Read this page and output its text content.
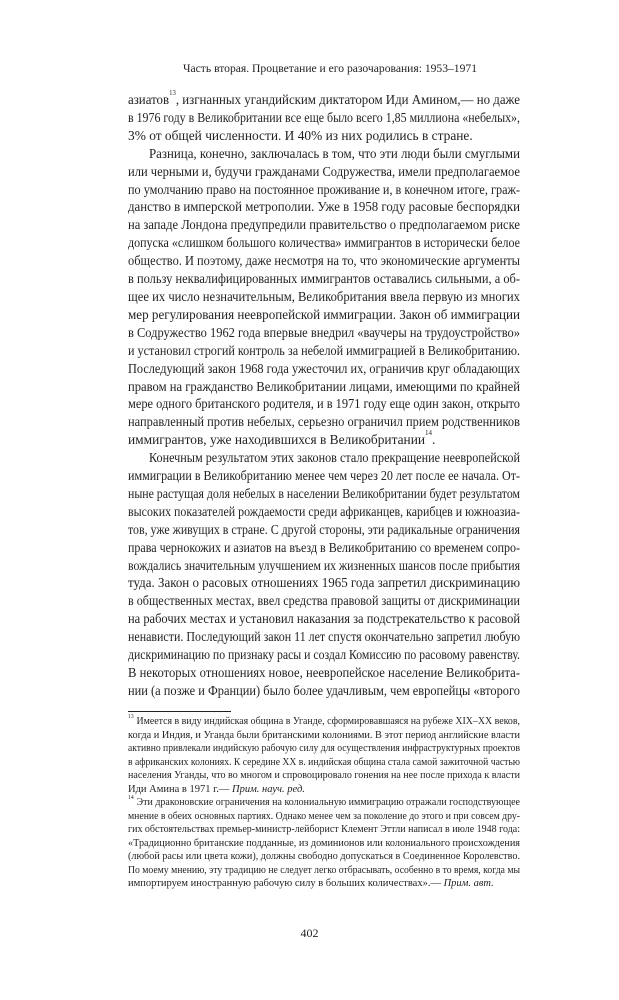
Часть вторая. Процветание и его разочарования: 1953–1971
азиатов$^{13}$, изгнанных угандийским диктатором Иди Амином,— но даже
в 1976 году в Великобритании все еще было всего 1,85 миллиона «небелых»,
3% от общей численности. И 40% из них родились в стране.
Разница, конечно, заключалась в том, что эти люди были смуглыми
или черными и, будучи гражданами Содружества, имели предполагаемое
по умолчанию право на постоянное проживание и, в конечном итоге, граж-
данство в имперской метрополии. Уже в 1958 году расовые беспорядки
на западе Лондона предупредили правительство о предполагаемом риске
допуска «слишком большого количества» иммигрантов в исторически белое
общество. И поэтому, даже несмотря на то, что экономические аргументы
в пользу неквалифицированных иммигрантов оставались сильными, а об-
щее их число незначительным, Великобритания ввела первую из многих
мер регулирования неевропейской иммиграции. Закон об иммиграции
в Содружество 1962 года впервые внедрил «ваучеры на трудоустройство»
и установил строгий контроль за небелой иммиграцией в Великобританию.
Последующий закон 1968 года ужесточил их, ограничив круг обладающих
правом на гражданство Великобритании лицами, имеющими по крайней
мере одного британского родителя, и в 1971 году еще один закон, открыто
направленный против небелых, серьезно ограничил прием родственников
иммигрантов, уже находившихся в Великобритании$^{14}$.
Конечным результатом этих законов стало прекращение неевропейской
иммиграции в Великобританию менее чем через 20 лет после ее начала. От-
ныне растущая доля небелых в населении Великобритании будет результатом
высоких показателей рождаемости среди африканцев, карибцев и южноазиа-
тов, уже живущих в стране. С другой стороны, эти радикальные ограничения
права чернокожих и азиатов на въезд в Великобританию со временем сопро-
вождались значительным улучшением их жизненных шансов после прибытия
туда. Закон о расовых отношениях 1965 года запретил дискриминацию
в общественных местах, ввел средства правовой защиты от дискриминации
на рабочих местах и установил наказания за подстрекательство к расовой
ненависти. Последующий закон 11 лет спустя окончательно запретил любую
дискриминацию по признаку расы и создал Комиссию по расовому равенству.
В некоторых отношениях новое, неевропейское население Великобрита-
нии (а позже и Франции) было более удачливым, чем европейцы «второго
$^{13}$ Имеется в виду индийская община в Уганде, сформировавшаяся на рубеже XIX–XX веков,
когда и Индия, и Уганда были британскими колониями. В этот период английские власти
активно привлекали индийскую рабочую силу для осуществления инфраструктурных проектов
в африканских колониях. К середине XX в. индийская община стала самой зажиточной частью
населения Уганды, что во многом и спровоцировало гонения на нее после прихода к власти
Иди Амина в 1971 г.— Прим. науч. ред.
$^{14}$ Эти драконовские ограничения на колониальную иммиграцию отражали господствующее
мнение в обеих основных партиях. Однако менее чем за поколение до этого и при совсем дру-
гих обстоятельствах премьер-министр-лейборист Клемент Эттли написал в июле 1948 года:
«Традиционно британские подданные, из доминионов или колониального происхождения
(любой расы или цвета кожи), должны свободно допускаться в Соединенное Королевство.
По моему мнению, эту традицию не следует легко отбрасывать, особенно в то время, когда мы
импортируем иностранную рабочую силу в больших количествах».— Прим. авт.
402
